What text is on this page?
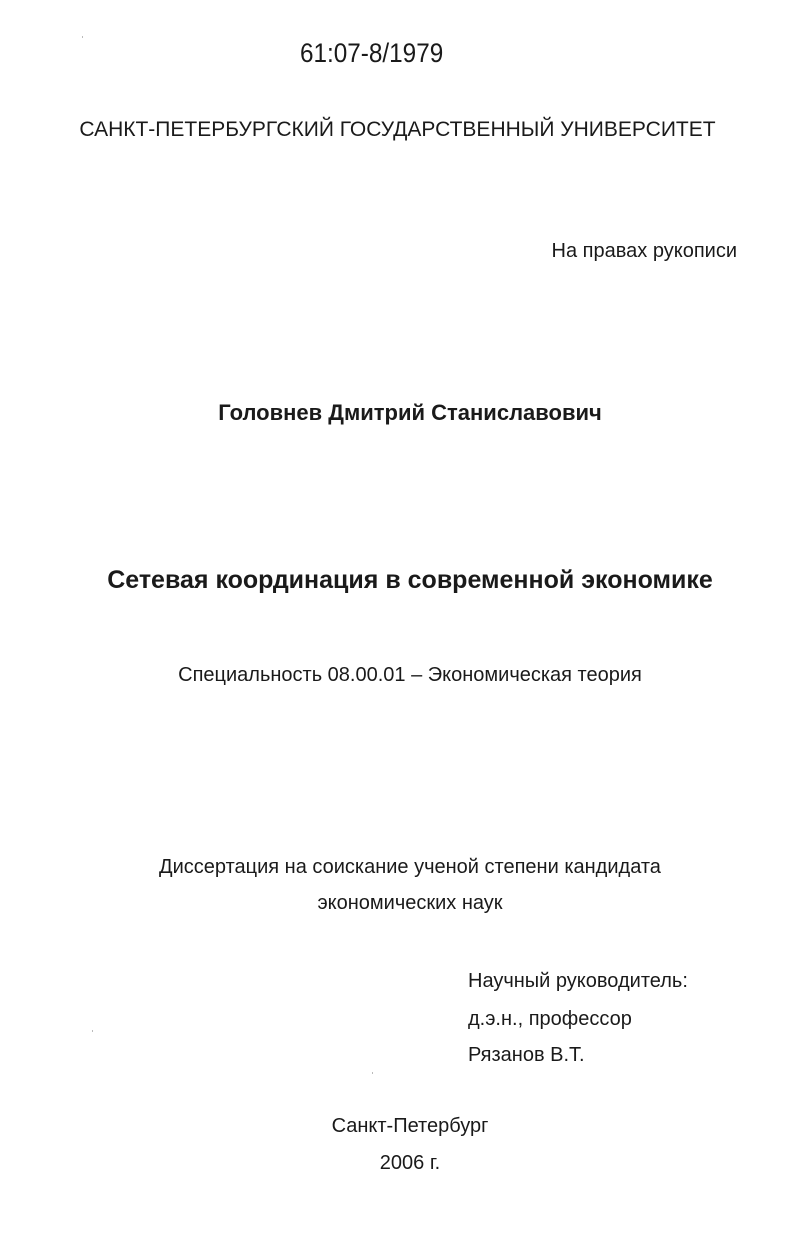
61:07-8/1979
САНКТ-ПЕТЕРБУРГСКИЙ ГОСУДАРСТВЕННЫЙ УНИВЕРСИТЕТ
На правах рукописи
Головнев Дмитрий Станиславович
Сетевая координация в современной экономике
Специальность 08.00.01 – Экономическая теория
Диссертация на соискание ученой степени кандидата
экономических наук
Научный руководитель:
д.э.н., профессор
Рязанов В.Т.
Санкт-Петербург
2006 г.
